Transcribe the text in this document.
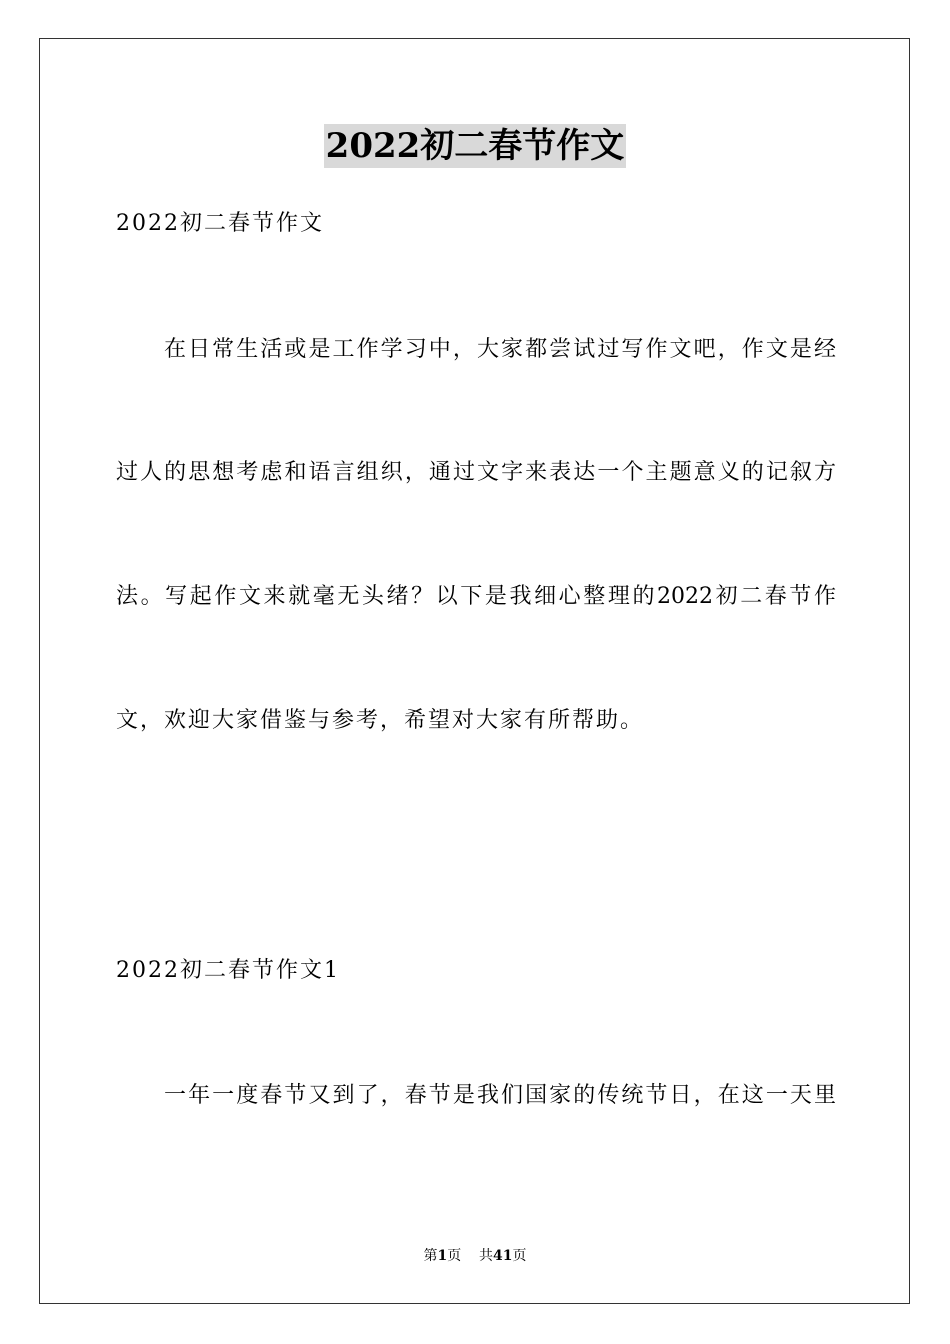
2022初二春节作文

2022初二春节作文

在日常生活或是工作学习中，大家都尝试过写作文吧，作文是经

过人的思想考虑和语言组织，通过文字来表达一个主题意义的记叙方

法。写起作文来就毫无头绪？以下是我细心整理的2022初二春节作

文，欢迎大家借鉴与参考，希望对大家有所帮助。

2022初二春节作文1

一年一度春节又到了，春节是我们国家的传统节日，在这一天里

第1页 共41页
